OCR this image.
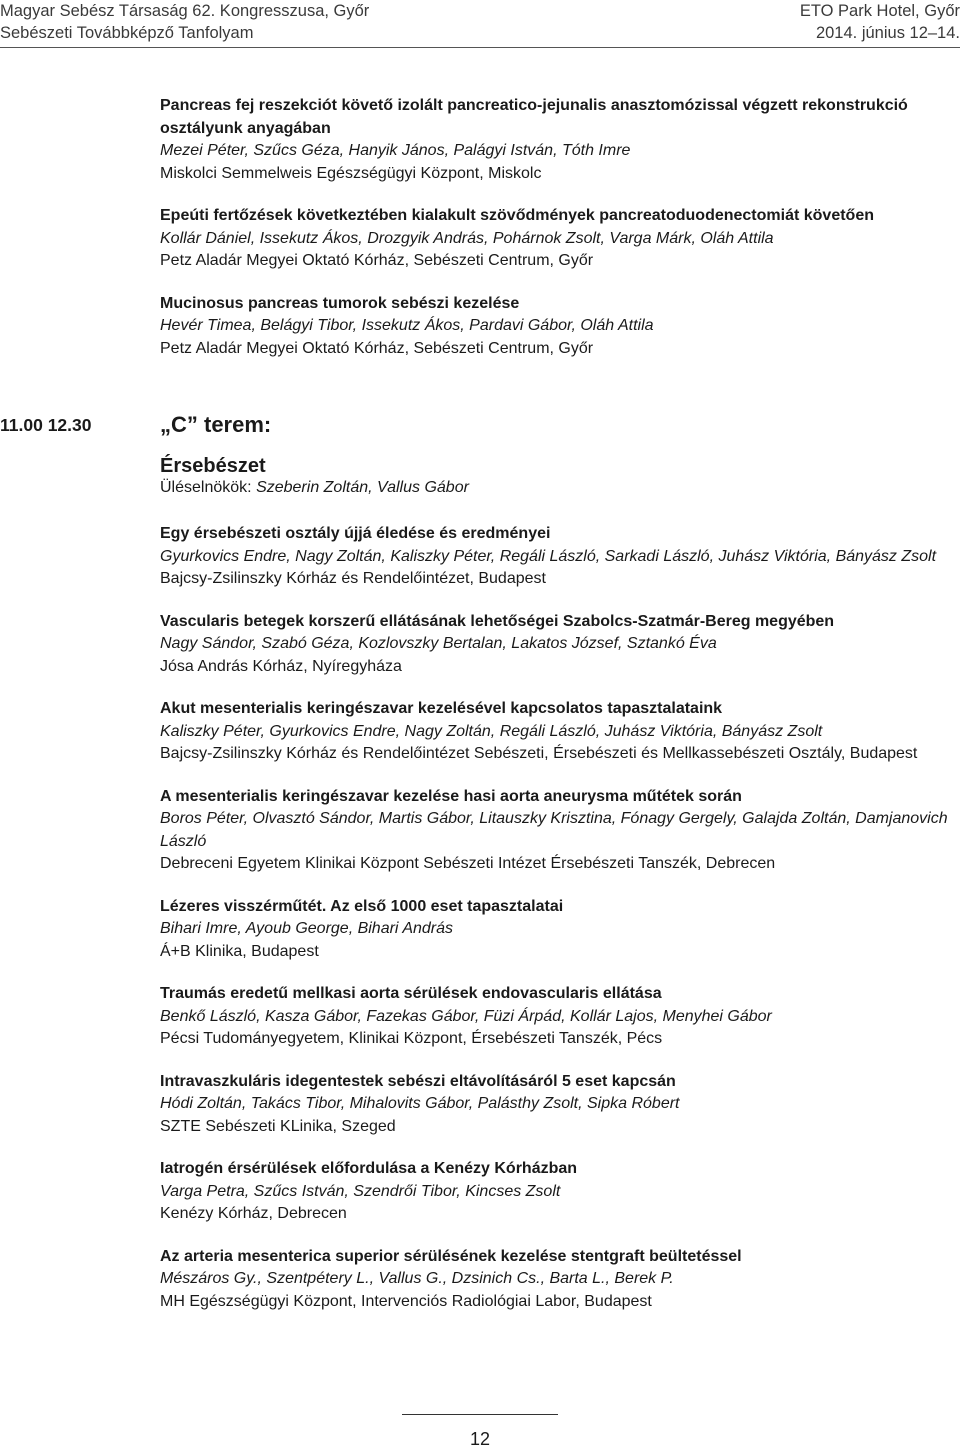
Magyar Sebész Társaság 62. Kongresszusa, Győr
Sebészeti Továbbképző Tanfolyam
ETO Park Hotel, Győr
2014. június 12–14.
Pancreas fej reszekciót követő izolált pancreatico-jejunalis anasztomózissal végzett rekonstrukció osztályunk anyagában
Mezei Péter, Szűcs Géza, Hanyik János, Palágyi István, Tóth Imre
Miskolci Semmelweis Egészségügyi Központ, Miskolc
Epeúti fertőzések következtében kialakult szövődmények pancreatoduodenectomiát követően
Kollár Dániel, Issekutz Ákos, Drozgyik András, Pohárnok Zsolt, Varga Márk, Oláh Attila
Petz Aladár Megyei Oktató Kórház, Sebészeti Centrum, Győr
Mucinosus pancreas tumorok sebészi kezelése
Hevér Timea, Belágyi Tibor, Issekutz Ákos, Pardavi Gábor, Oláh Attila
Petz Aladár Megyei Oktató Kórház, Sebészeti Centrum, Győr
11.00 12.30	„C” terem:
Érsebészet
Üléselnökök: Szeberin Zoltán, Vallus Gábor
Egy érsebészeti osztály újjá éledése és eredményei
Gyurkovics Endre, Nagy Zoltán, Kaliszky Péter, Regáli László, Sarkadi László, Juhász Viktória, Bányász Zsolt
Bajcsy-Zsilinszky Kórház és Rendelőintézet, Budapest
Vascularis betegek korszerű ellátásának lehetőségei Szabolcs-Szatmár-Bereg megyében
Nagy Sándor, Szabó Géza, Kozlovszky Bertalan, Lakatos József, Sztankó Éva
Jósa András Kórház, Nyíregyháza
Akut mesenterialis keringészavar kezelésével kapcsolatos tapasztalataink
Kaliszky Péter, Gyurkovics Endre, Nagy Zoltán, Regáli László, Juhász Viktória, Bányász Zsolt
Bajcsy-Zsilinszky Kórház és Rendelőintézet Sebészeti, Érsebészeti és Mellkassebészeti Osztály, Budapest
A mesenterialis keringészavar kezelése hasi aorta aneurysma műtétek során
Boros Péter, Olvasztó Sándor, Martis Gábor, Litauszky Krisztina, Fónagy Gergely, Galajda Zoltán, Damjanovich László
Debreceni Egyetem Klinikai Központ Sebészeti Intézet Érsebészeti Tanszék, Debrecen
Lézeres visszérműtét. Az első 1000 eset tapasztalatai
Bihari Imre, Ayoub George, Bihari András
Á+B Klinika, Budapest
Traumás eredetű mellkasi aorta sérülések endovascularis ellátása
Benkő László, Kasza Gábor, Fazekas Gábor, Füzi Árpád, Kollár Lajos, Menyhei Gábor
Pécsi Tudományegyetem, Klinikai Központ, Érsebészeti Tanszék, Pécs
Intravaszkuláris idegentestek sebészi eltávolításáról 5 eset kapcsán
Hódi Zoltán, Takács Tibor, Mihalovits Gábor, Palásthy Zsolt, Sipka Róbert
SZTE Sebészeti KLinika, Szeged
Iatrogén érsérülések előfordulása a Kenézy Kórházban
Varga Petra, Szűcs István, Szendrői Tibor, Kincses Zsolt
Kenézy Kórház, Debrecen
Az arteria mesenterica superior sérülésének kezelése stentgraft beültetéssel
Mészáros Gy., Szentpétery L., Vallus G., Dzsinich Cs., Barta L., Berek P.
MH Egészségügyi Központ, Intervenciós Radiológiai Labor, Budapest
12
